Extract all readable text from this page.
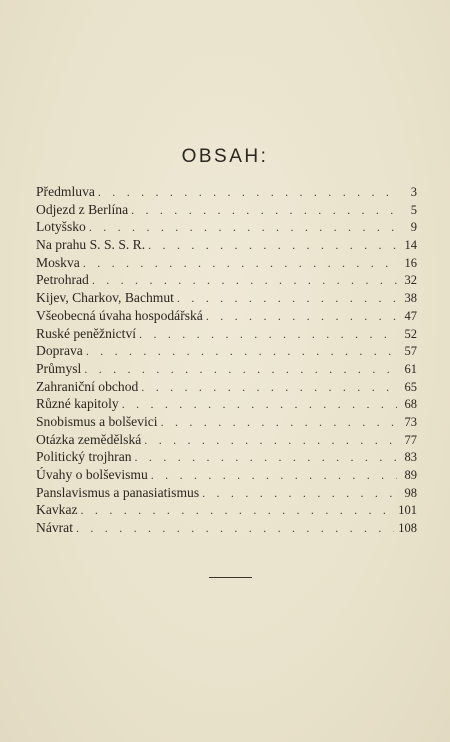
OBSAH:
Předmluva . . .	3
Odjezd z Berlína . . .	5
Lotyšsko . . .	9
Na prahu S. S. S. R. . . .	14
Moskva . . .	16
Petrohrad . . .	32
Kijev, Charkov, Bachmut . . .	38
Všeobecná úvaha hospodářská . . .	47
Ruské peněžnictví . . .	52
Doprava . . .	57
Průmysl . . .	61
Zahraniční obchod . . .	65
Různé kapitoly . . .	68
Snobismus a bolševici . . .	73
Otázka zemědělská . . .	77
Politický trojhran . . .	83
Úvahy o bolševismu . . .	89
Panslavismus a panasiatismus . . .	98
Kavkaz . . .	101
Návrat . . .	108
